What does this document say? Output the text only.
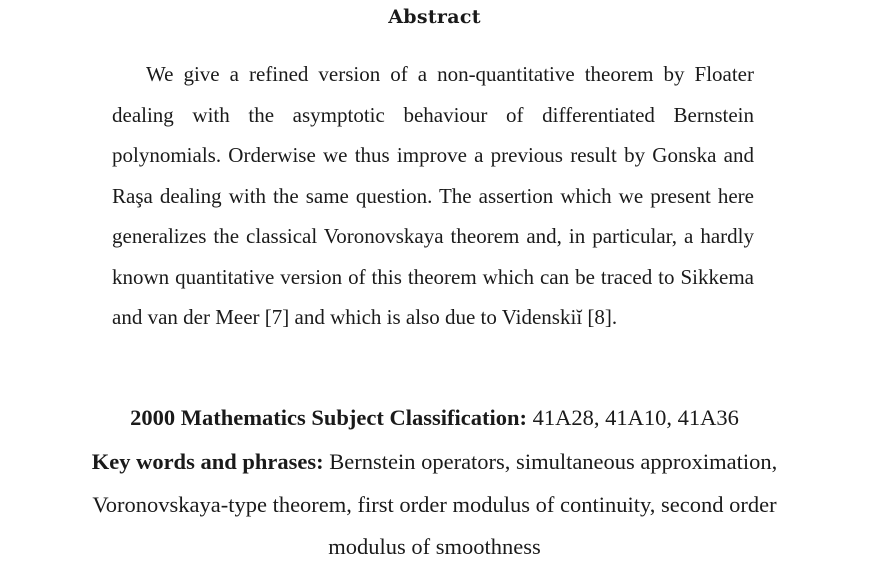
Abstract

We give a refined version of a non-quantitative theorem by Floater dealing with the asymptotic behaviour of differentiated Bernstein polynomials. Orderwise we thus improve a previous result by Gonska and Raşa dealing with the same question. The assertion which we present here generalizes the classical Voronovskaya theorem and, in particular, a hardly known quantitative version of this theorem which can be traced to Sikkema and van der Meer [7] and which is also due to Videnskiĭ [8].

2000 Mathematics Subject Classification: 41A28, 41A10, 41A36
Key words and phrases: Bernstein operators, simultaneous approximation, Voronovskaya-type theorem, first order modulus of continuity, second order modulus of smoothness
